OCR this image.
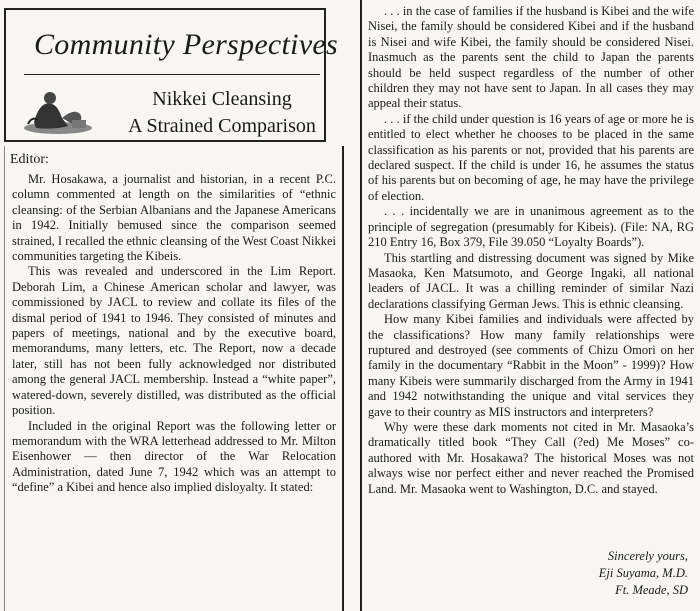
Community Perspectives
Nikkei Cleansing
A Strained Comparison
Editor:

Mr. Hosakawa, a journalist and historian, in a recent P.C. column commented at length on the similarities of “ethnic cleansing: of the Serbian Albanians and the Japanese Americans in 1942. Initially bemused since the comparison seemed strained, I recalled the ethnic cleansing of the West Coast Nikkei communities targeting the Kibeis.

This was revealed and underscored in the Lim Report. Deborah Lim, a Chinese American scholar and lawyer, was commissioned by JACL to review and collate its files of the dismal period of 1941 to 1946. They consisted of minutes and papers of meetings, national and by the executive board, memorandums, many letters, etc. The Report, now a decade later, still has not been fully acknowledged nor distributed among the general JACL membership. Instead a “white paper”, watered-down, severely distilled, was distributed as the official position.

Included in the original Report was the following letter or memorandum with the WRA letterhead addressed to Mr. Milton Eisenhower — then director of the War Relocation Administration, dated June 7, 1942 which was an attempt to “define” a Kibei and hence also implied disloyalty. It stated:

. . . in the case of families if the husband is Kibei and the wife Nisei, the family should be considered Kibei and if the husband is Nisei and wife Kibei, the family should be considered Nisei. Inasmuch as the parents sent the child to Japan the parents should be held suspect regardless of the number of other children they may not have sent to Japan. In all cases they may appeal their status.

. . . if the child under question is 16 years of age or more he is entitled to elect whether he chooses to be placed in the same classification as his parents or not, provided that his parents are declared suspect. If the child is under 16, he assumes the status of his parents but on becoming of age, he may have the privilege of election.

. . . incidentally we are in unanimous agreement as to the principle of segregation (presumably for Kibeis). (File: NA, RG 210 Entry 16, Box 379, File 39.050 “Loyalty Boards”).

This startling and distressing document was signed by Mike Masaoka, Ken Matsumoto, and George Ingaki, all national leaders of JACL. It was a chilling reminder of similar Nazi declarations classifying German Jews. This is ethnic cleansing.

How many Kibei families and individuals were affected by the classifications? How many family relationships were ruptured and destroyed (see comments of Chizu Omori on her family in the documentary “Rabbit in the Moon” - 1999)? How many Kibeis were summarily discharged from the Army in 1941 and 1942 notwithstanding the unique and vital services they gave to their country as MIS instructors and interpreters?

Why were these dark moments not cited in Mr. Masaoka’s dramatically titled book “They Call (?ed) Me Moses” co-authored with Mr. Hosakawa? The historical Moses was not always wise nor perfect either and never reached the Promised Land. Mr. Masaoka went to Washington, D.C. and stayed.

Sincerely yours,
Eji Suyama, M.D.
Ft. Meade, SD
